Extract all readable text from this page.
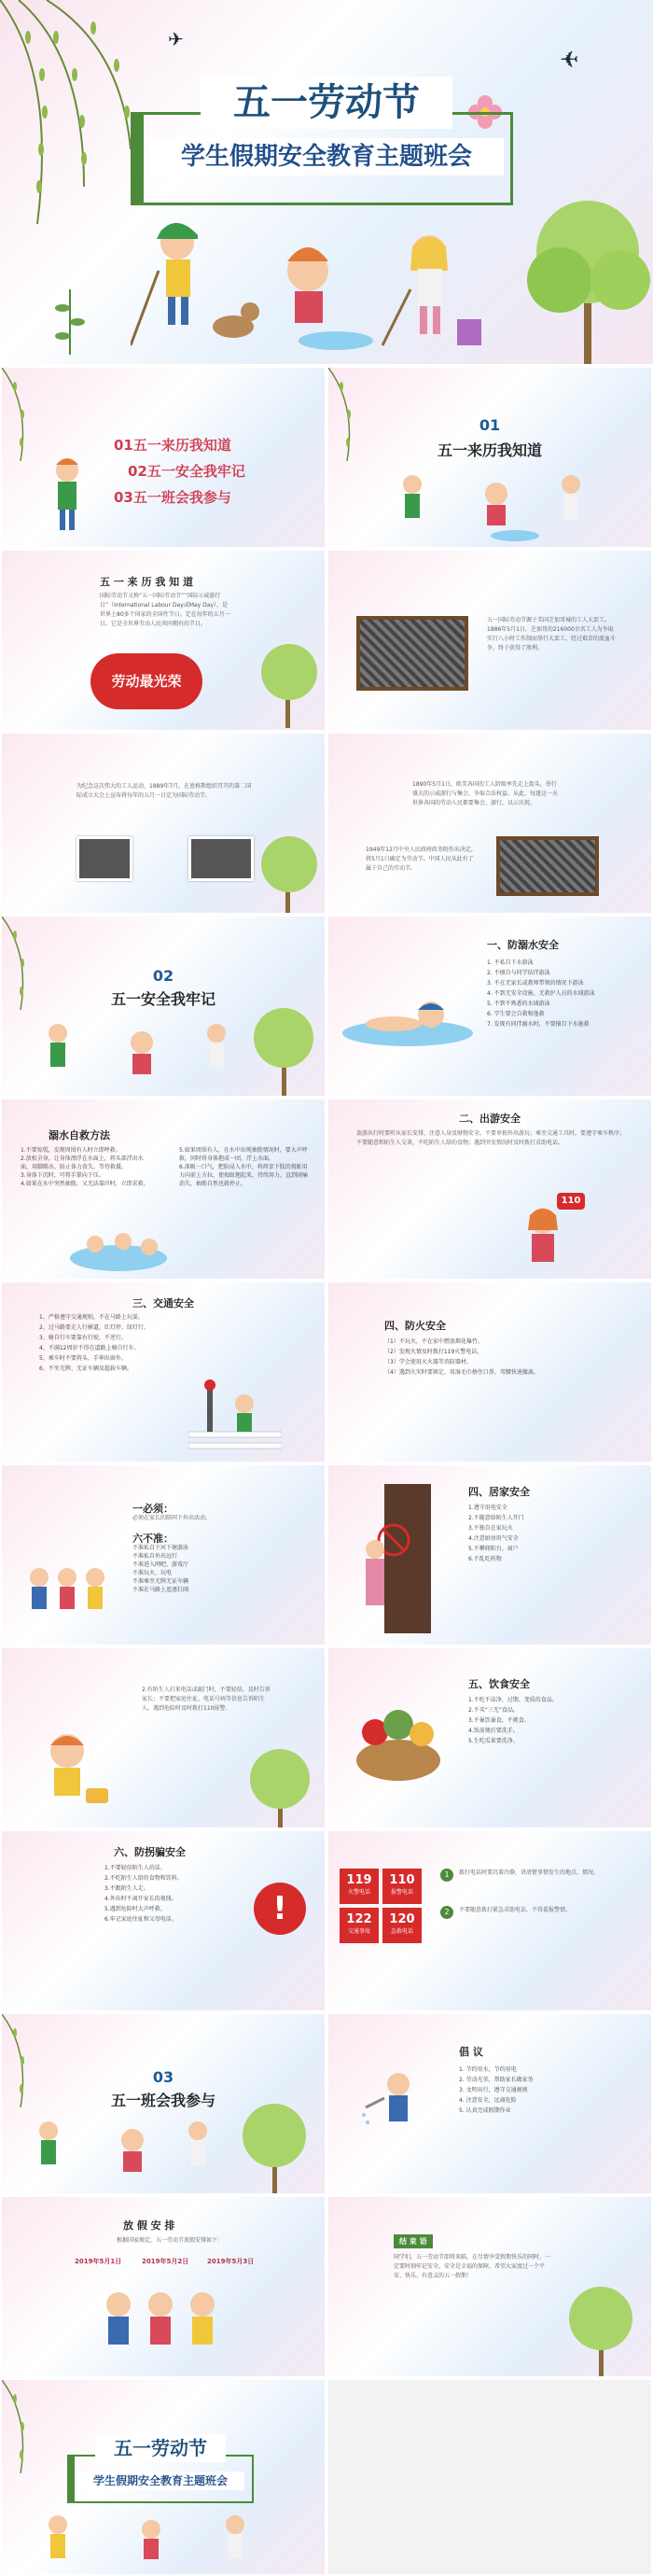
✈
✈
五一劳动节
学生假期安全教育主题班会
01五一来历我知道
02五一安全我牢记
03五一班会我参与
01
五一来历我知道
五 一 来 历 我 知 道
国际劳动节又称“五一国际劳动节”“国际示威游行日”（International Labour Day或May Day），是世界上80多个国家的全国性节日。定在每年的五月一日。它是全世界劳动人民共同拥有的节日。
劳动最光荣
五一国际劳动节源于美国芝加哥城的工人大罢工。1886年5月1日，芝加哥的216000余名工人为争取实行八小时工作制而举行大罢工，经过艰苦的流血斗争，终于获得了胜利。
为纪念这次伟大的工人运动，1889年7月，在恩格斯组织召开的第二国际成立大会上宣布将每年的五月一日定为国际劳动节。
1890年5月1日，欧美各国的工人阶级率先走上街头，举行盛大的示威游行与集会，争取合法权益。从此，每逢这一天世界各国的劳动人民都要集会、游行，以示庆祝。
1949年12月中央人民政府政务院作出决定，将5月1日确定为劳动节。中国人民从此有了属于自己的劳动节。
02
五一安全我牢记
一、防溺水安全
1. 不私自下水游泳
2. 不擅自与同学结伴游泳
3. 不在无家长或教师带领的情况下游泳
4. 不到无安全设施、无救护人员的水域游泳
5. 不到不熟悉的水域游泳
6. 学生要会自救和他救
7. 发现有同伴溺水时，不要擅自下水施救
溺水自救方法
1.不要惊慌，发现周围有人时立即呼救。
2.放松全身，让身体漂浮在水面上，将头部浮出水面，用脚踢水，防止体力丧失，等待救援。
3.身体下沉时，可将手掌向下压。
4.如果在水中突然抽筋，又无法靠岸时，立即求救。
5.如果周围有人，在水中出现抽筋情况时，要大声呼救，同时将身体抱成一团，浮上水面。
6.深吸一口气，把脸浸入水中，将痉挛下肢的拇趾用力向前上方拉，使拇趾翘起来，持续用力，直到剧痛消失，抽筋自然也就停止。
二、出游安全
旅游出行时要听从家长安排，注意人身及财物安全，不要单独外出游玩；乘坐交通工具时，要遵守乘车秩序；不要随意和陌生人交谈，不吃陌生人给的食物；遇到突发情况时及时拨打求助电话。
110
三、交通安全
1、严格遵守交通规则，不在马路上玩耍。
2、过马路要走人行横道，红灯停、绿灯行。
3、骑自行车要靠右行驶，不逆行。
4、不满12周岁不得在道路上骑自行车。
5、乘车时不要将头、手伸出窗外。
6、不坐无牌、无证车辆及超载车辆。
四、防火安全
（1）不玩火，不在家中燃放烟花爆竹。
（2）发现火情及时拨打119火警电话。
（3）学会使用灭火器等消防器材。
（4）遇到火灾时要镇定，用湿毛巾捂住口鼻，弯腰快速撤离。
一必须：
必须在家长的陪同下外出活动。
六不准：
不准私自下河下塘游泳
不准私自外出远行
不准进入网吧、游戏厅
不准玩火、玩电
不准乘坐无牌无证车辆
不准在马路上追逐打闹
四、居家安全
1.遵守用电安全
2.不随意给陌生人开门
3.不独自在家玩火
4.注意厨房用气安全
5.不攀爬阳台、窗户
6.不乱吃药物
2.有陌生人打来电话或敲门时，不要轻信，及时告诉家长；不要把家庭住址、电话号码等信息告诉陌生人。遇到危险时及时拨打110报警。
五、饮食安全
1.不吃不洁净、过期、变质的食品。
2.不买“三无”食品。
3.不暴饮暴食，不挑食。
4.饭前便后要洗手。
5.生吃瓜果要洗净。
六、防拐骗安全
1.不要轻信陌生人的话。
2.不吃陌生人给的食物和饮料。
3.不跟陌生人走。
4.外出时不离开家长的视线。
5.遇到危险时大声呼救。
6.牢记家庭住址和父母电话。	!
119
火警电话
110
报警电话
122
交通事故
120
急救电话
1	拨打电话时要沉着冷静，讲清楚事情发生的地点、情况。
2	不要随意拨打紧急求助电话，不得谎报警情。
03
五一班会我参与
倡 议
1. 节约用水，节约用电
2. 劳动光荣，帮助家长做家务
3. 文明出行，遵守交通规则
4. 注意安全，远离危险
5. 认真完成假期作业
放 假 安 排
根据国家规定，五一劳动节放假安排如下：
2019年5月1日	2019年5月2日	2019年5月3日
结 束 语
同学们，五一劳动节即将来临，在尽情享受假期快乐的同时，一定要时刻牢记安全，安全是幸福的保障，希望大家度过一个平安、快乐、有意义的五一假期！
五一劳动节
学生假期安全教育主题班会
